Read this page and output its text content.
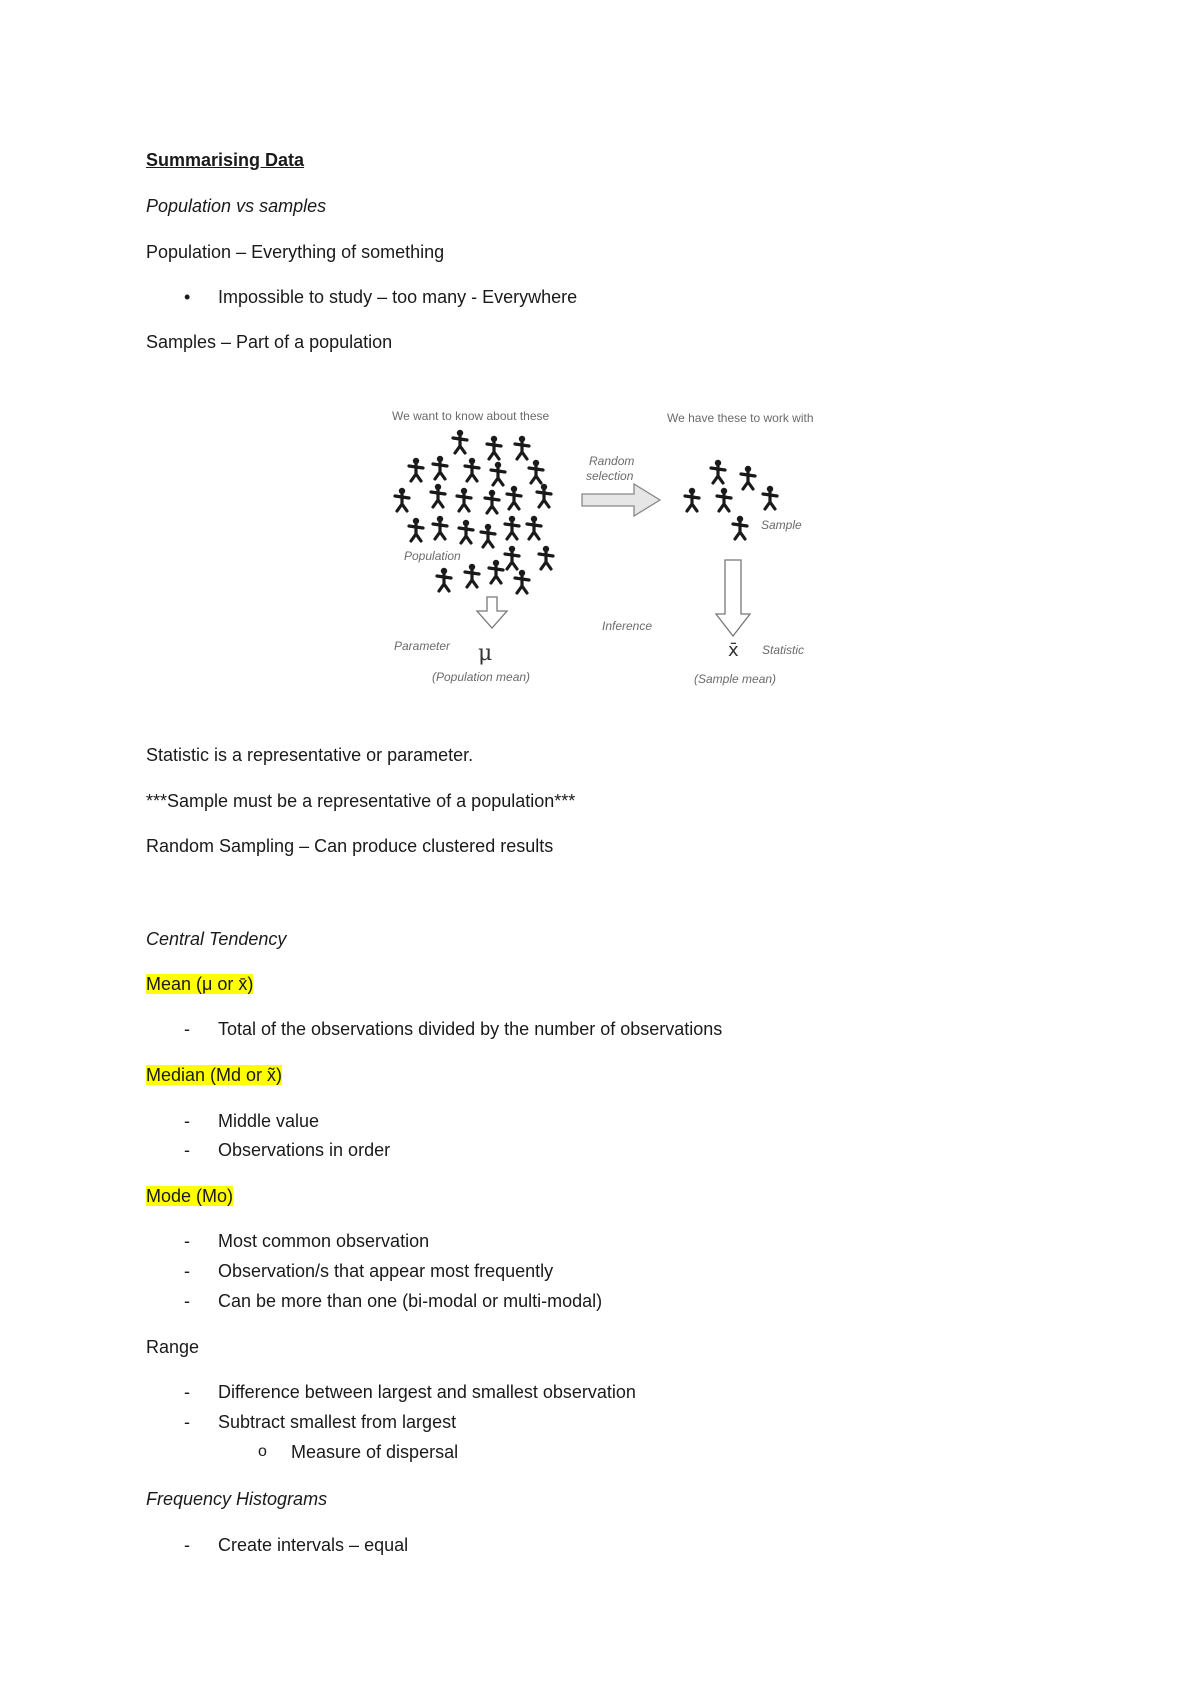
Summarising Data
Population vs samples
Population – Everything of something
• Impossible to study – too many - Everywhere
Samples – Part of a population
We want to know about these	We have these to work with
Population
Random selection
Sample
Inference
Parameter μ
(Population mean)
x̄ Statistic
(Sample mean)
Statistic is a representative or parameter.
***Sample must be a representative of a population***
Random Sampling – Can produce clustered results
Central Tendency
Mean (μ or x̄)
- Total of the observations divided by the number of observations
Median (Md or x̃)
- Middle value
- Observations in order
Mode (Mo)
- Most common observation
- Observation/s that appear most frequently
- Can be more than one (bi-modal or multi-modal)
Range
- Difference between largest and smallest observation
- Subtract smallest from largest
o Measure of dispersal
Frequency Histograms
- Create intervals – equal
